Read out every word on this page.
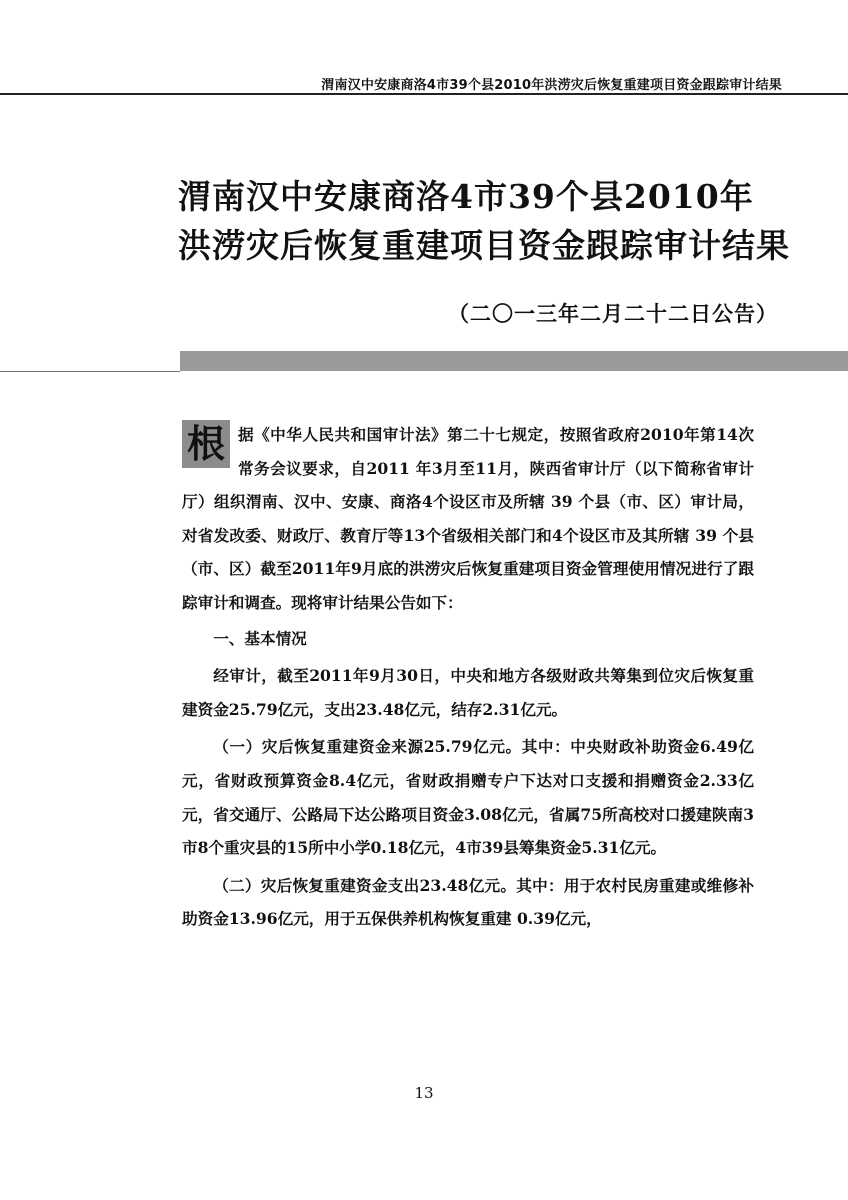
渭南汉中安康商洛4市39个县2010年洪涝灾后恢复重建项目资金跟踪审计结果
渭南汉中安康商洛4市39个县2010年
洪涝灾后恢复重建项目资金跟踪审计结果
（二〇一三年二月二十二日公告）

根 据《中华人民共和国审计法》第二十七规定，按照省政府2010年第14次常务会议要求，自2011 年3月至11月，陕西省审计厅（以下简称省审计厅）组织渭南、汉中、安康、商洛4个设区市及所辖 39 个县（市、区）审计局，对省发改委、财政厅、教育厅等13个省级相关部门和4个设区市及其所辖 39 个县（市、区）截至2011年9月底的洪涝灾后恢复重建项目资金管理使用情况进行了跟踪审计和调查。现将审计结果公告如下：

一、基本情况

经审计，截至2011年9月30日，中央和地方各级财政共筹集到位灾后恢复重建资金25.79亿元，支出23.48亿元，结存2.31亿元。

（一）灾后恢复重建资金来源25.79亿元。其中：中央财政补助资金6.49亿元，省财政预算资金8.4亿元，省财政捐赠专户下达对口支援和捐赠资金2.33亿元，省交通厅、公路局下达公路项目资金3.08亿元，省属75所高校对口援建陕南3市8个重灾县的15所中小学0.18亿元，4市39县筹集资金5.31亿元。

（二）灾后恢复重建资金支出23.48亿元。其中：用于农村民房重建或维修补助资金13.96亿元，用于五保供养机构恢复重建 0.39亿元，

13
